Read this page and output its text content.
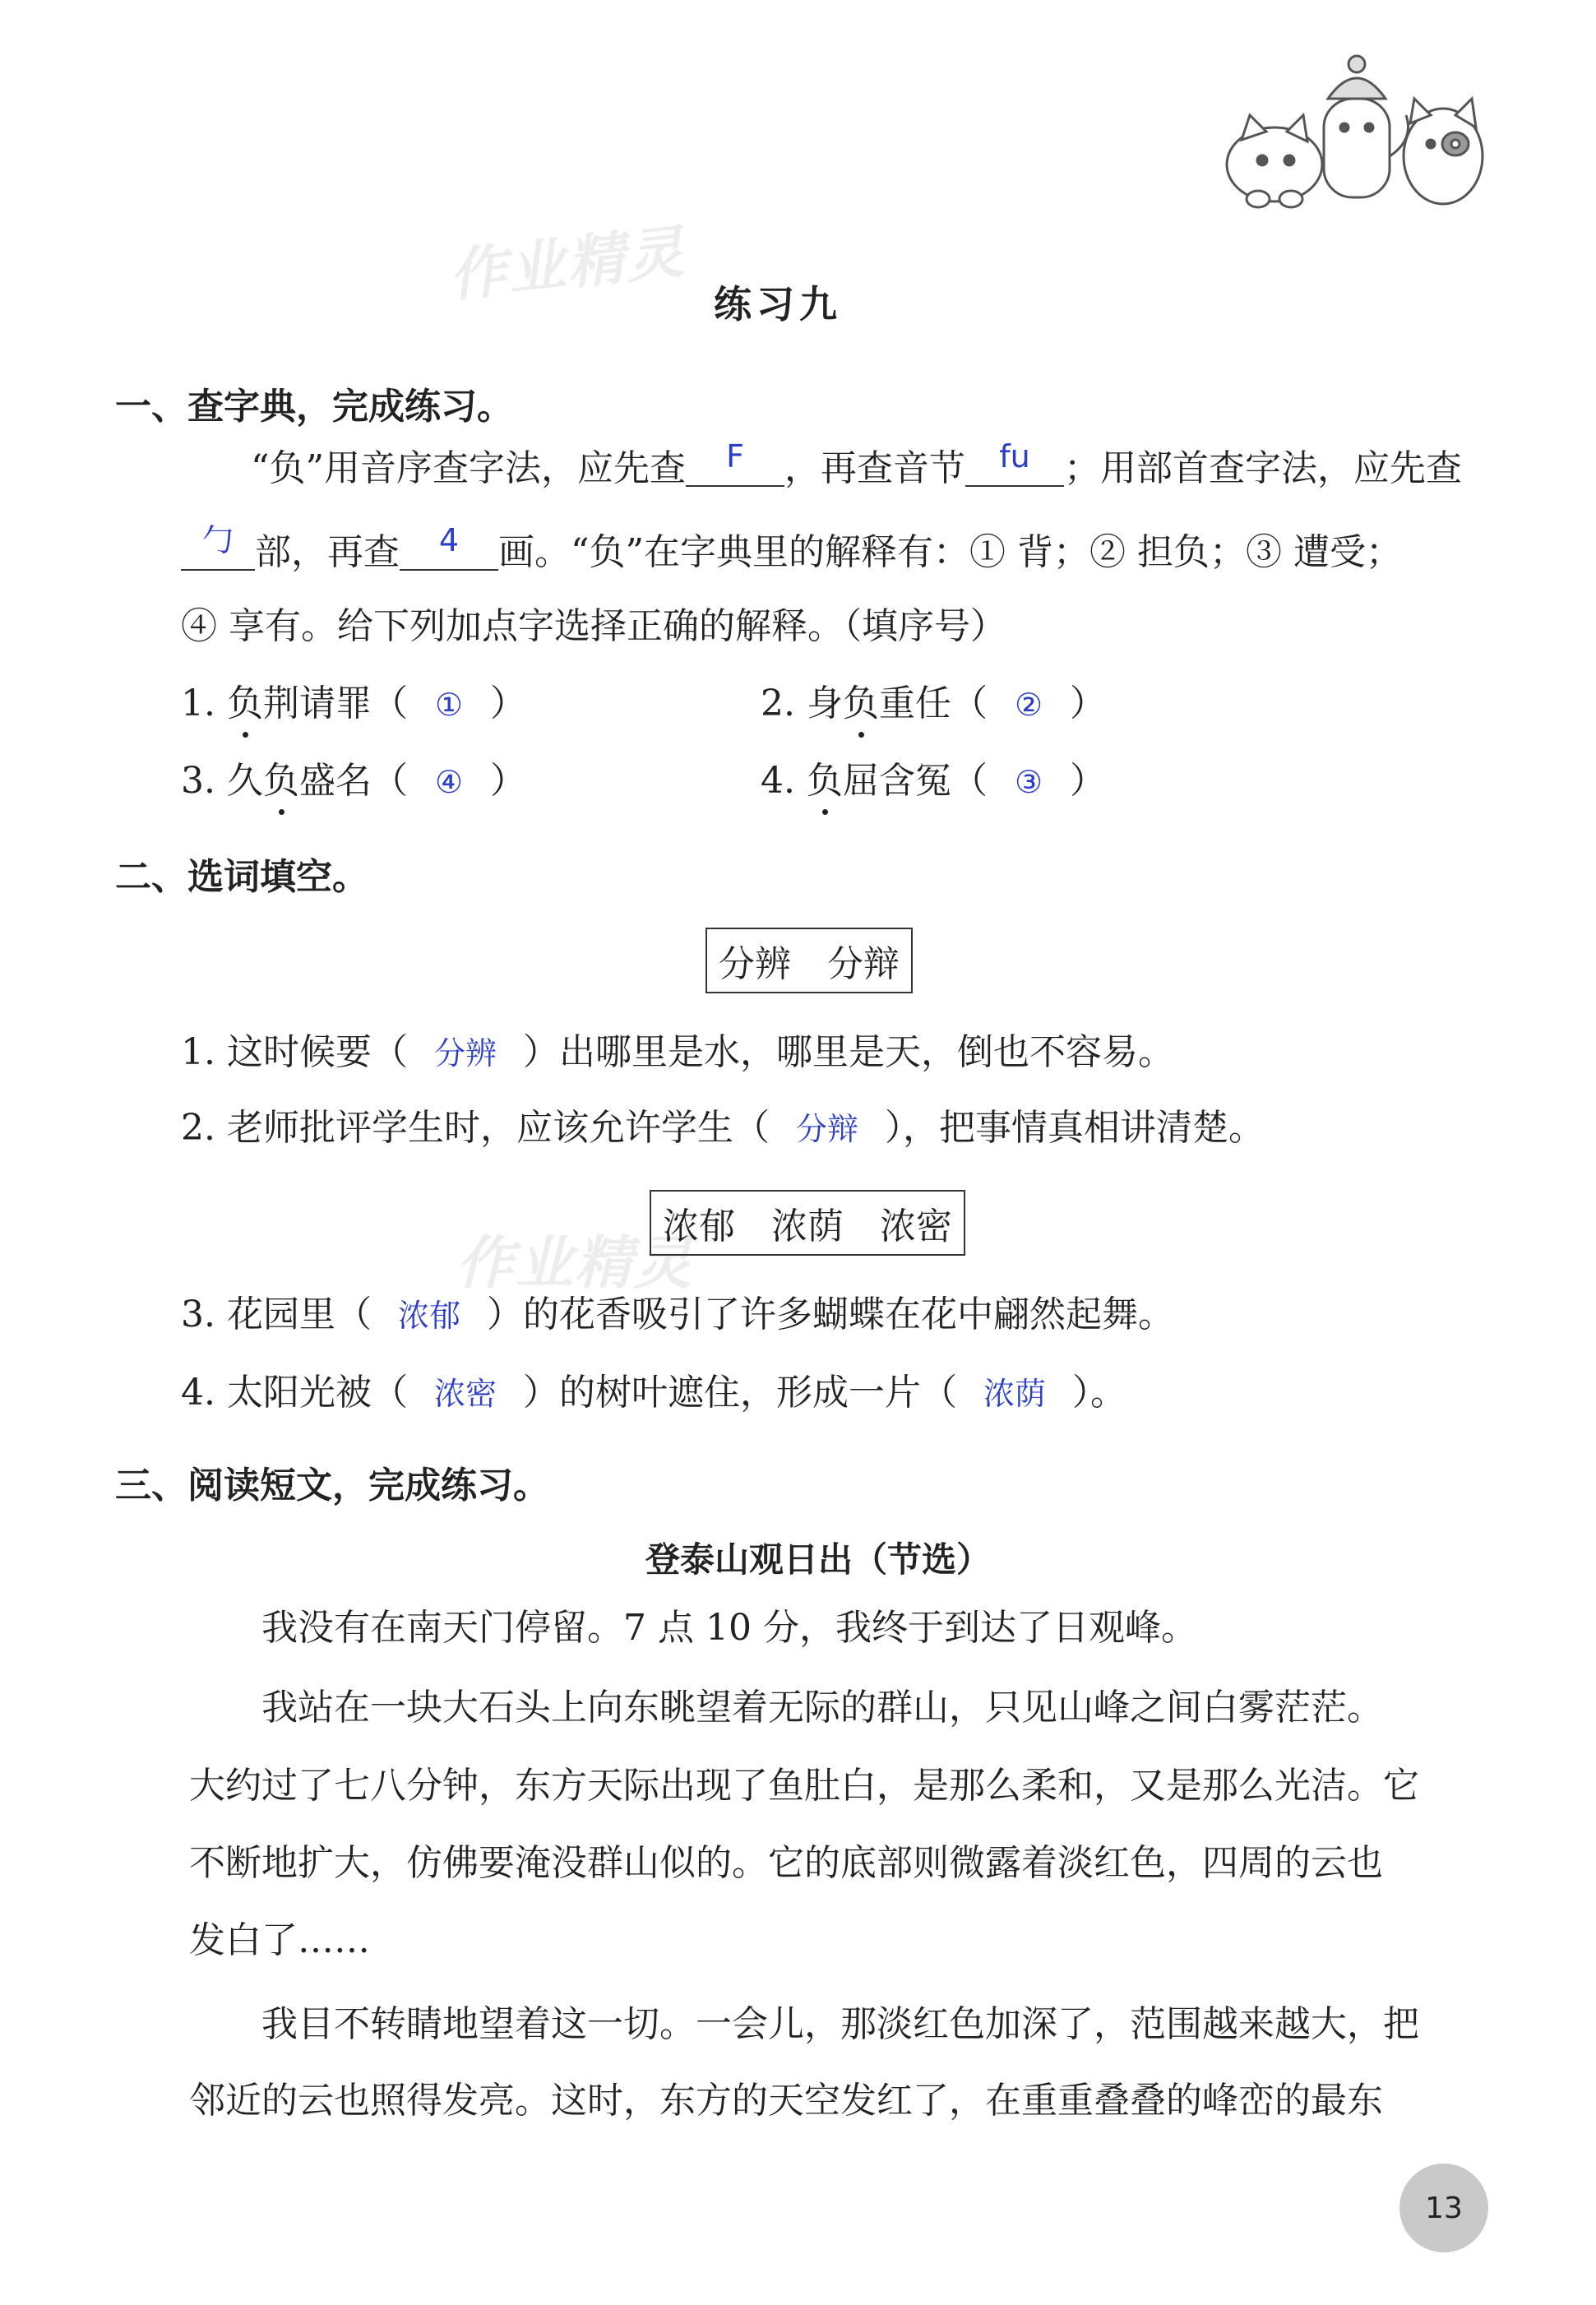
作业精灵
作业精灵
练习九
一、查字典，完成练习。
“负”用音序查字法，应先查	F	，再查音节	fu ；用部首查字法，应先查
勹 部，再查	4	画。“负”在字典里的解释有：① 背；② 担负；③ 遭受；
④ 享有。给下列加点字选择正确的解释。（填序号）
1. 负荆请罪（ ① ）	2. 身负重任（ ② ）
3. 久负盛名（ ④ ）	4. 负屈含冤（ ③ ）
二、选词填空。
分辨　分辩
1. 这时候要（ 分辨 ）出哪里是水，哪里是天，倒也不容易。
2. 老师批评学生时，应该允许学生（ 分辩 ），把事情真相讲清楚。
浓郁　浓荫　浓密
3. 花园里（ 浓郁 ）的花香吸引了许多蝴蝶在花中翩然起舞。
4. 太阳光被（ 浓密 ）的树叶遮住，形成一片（ 浓荫 ）。
三、阅读短文，完成练习。
登泰山观日出（节选）
　　我没有在南天门停留。7 点 10 分，我终于到达了日观峰。
　　我站在一块大石头上向东眺望着无际的群山，只见山峰之间白雾茫茫。
大约过了七八分钟，东方天际出现了鱼肚白，是那么柔和，又是那么光洁。它
不断地扩大，仿佛要淹没群山似的。它的底部则微露着淡红色，四周的云也
发白了……
　　我目不转睛地望着这一切。一会儿，那淡红色加深了，范围越来越大，把
邻近的云也照得发亮。这时，东方的天空发红了，在重重叠叠的峰峦的最东
13
